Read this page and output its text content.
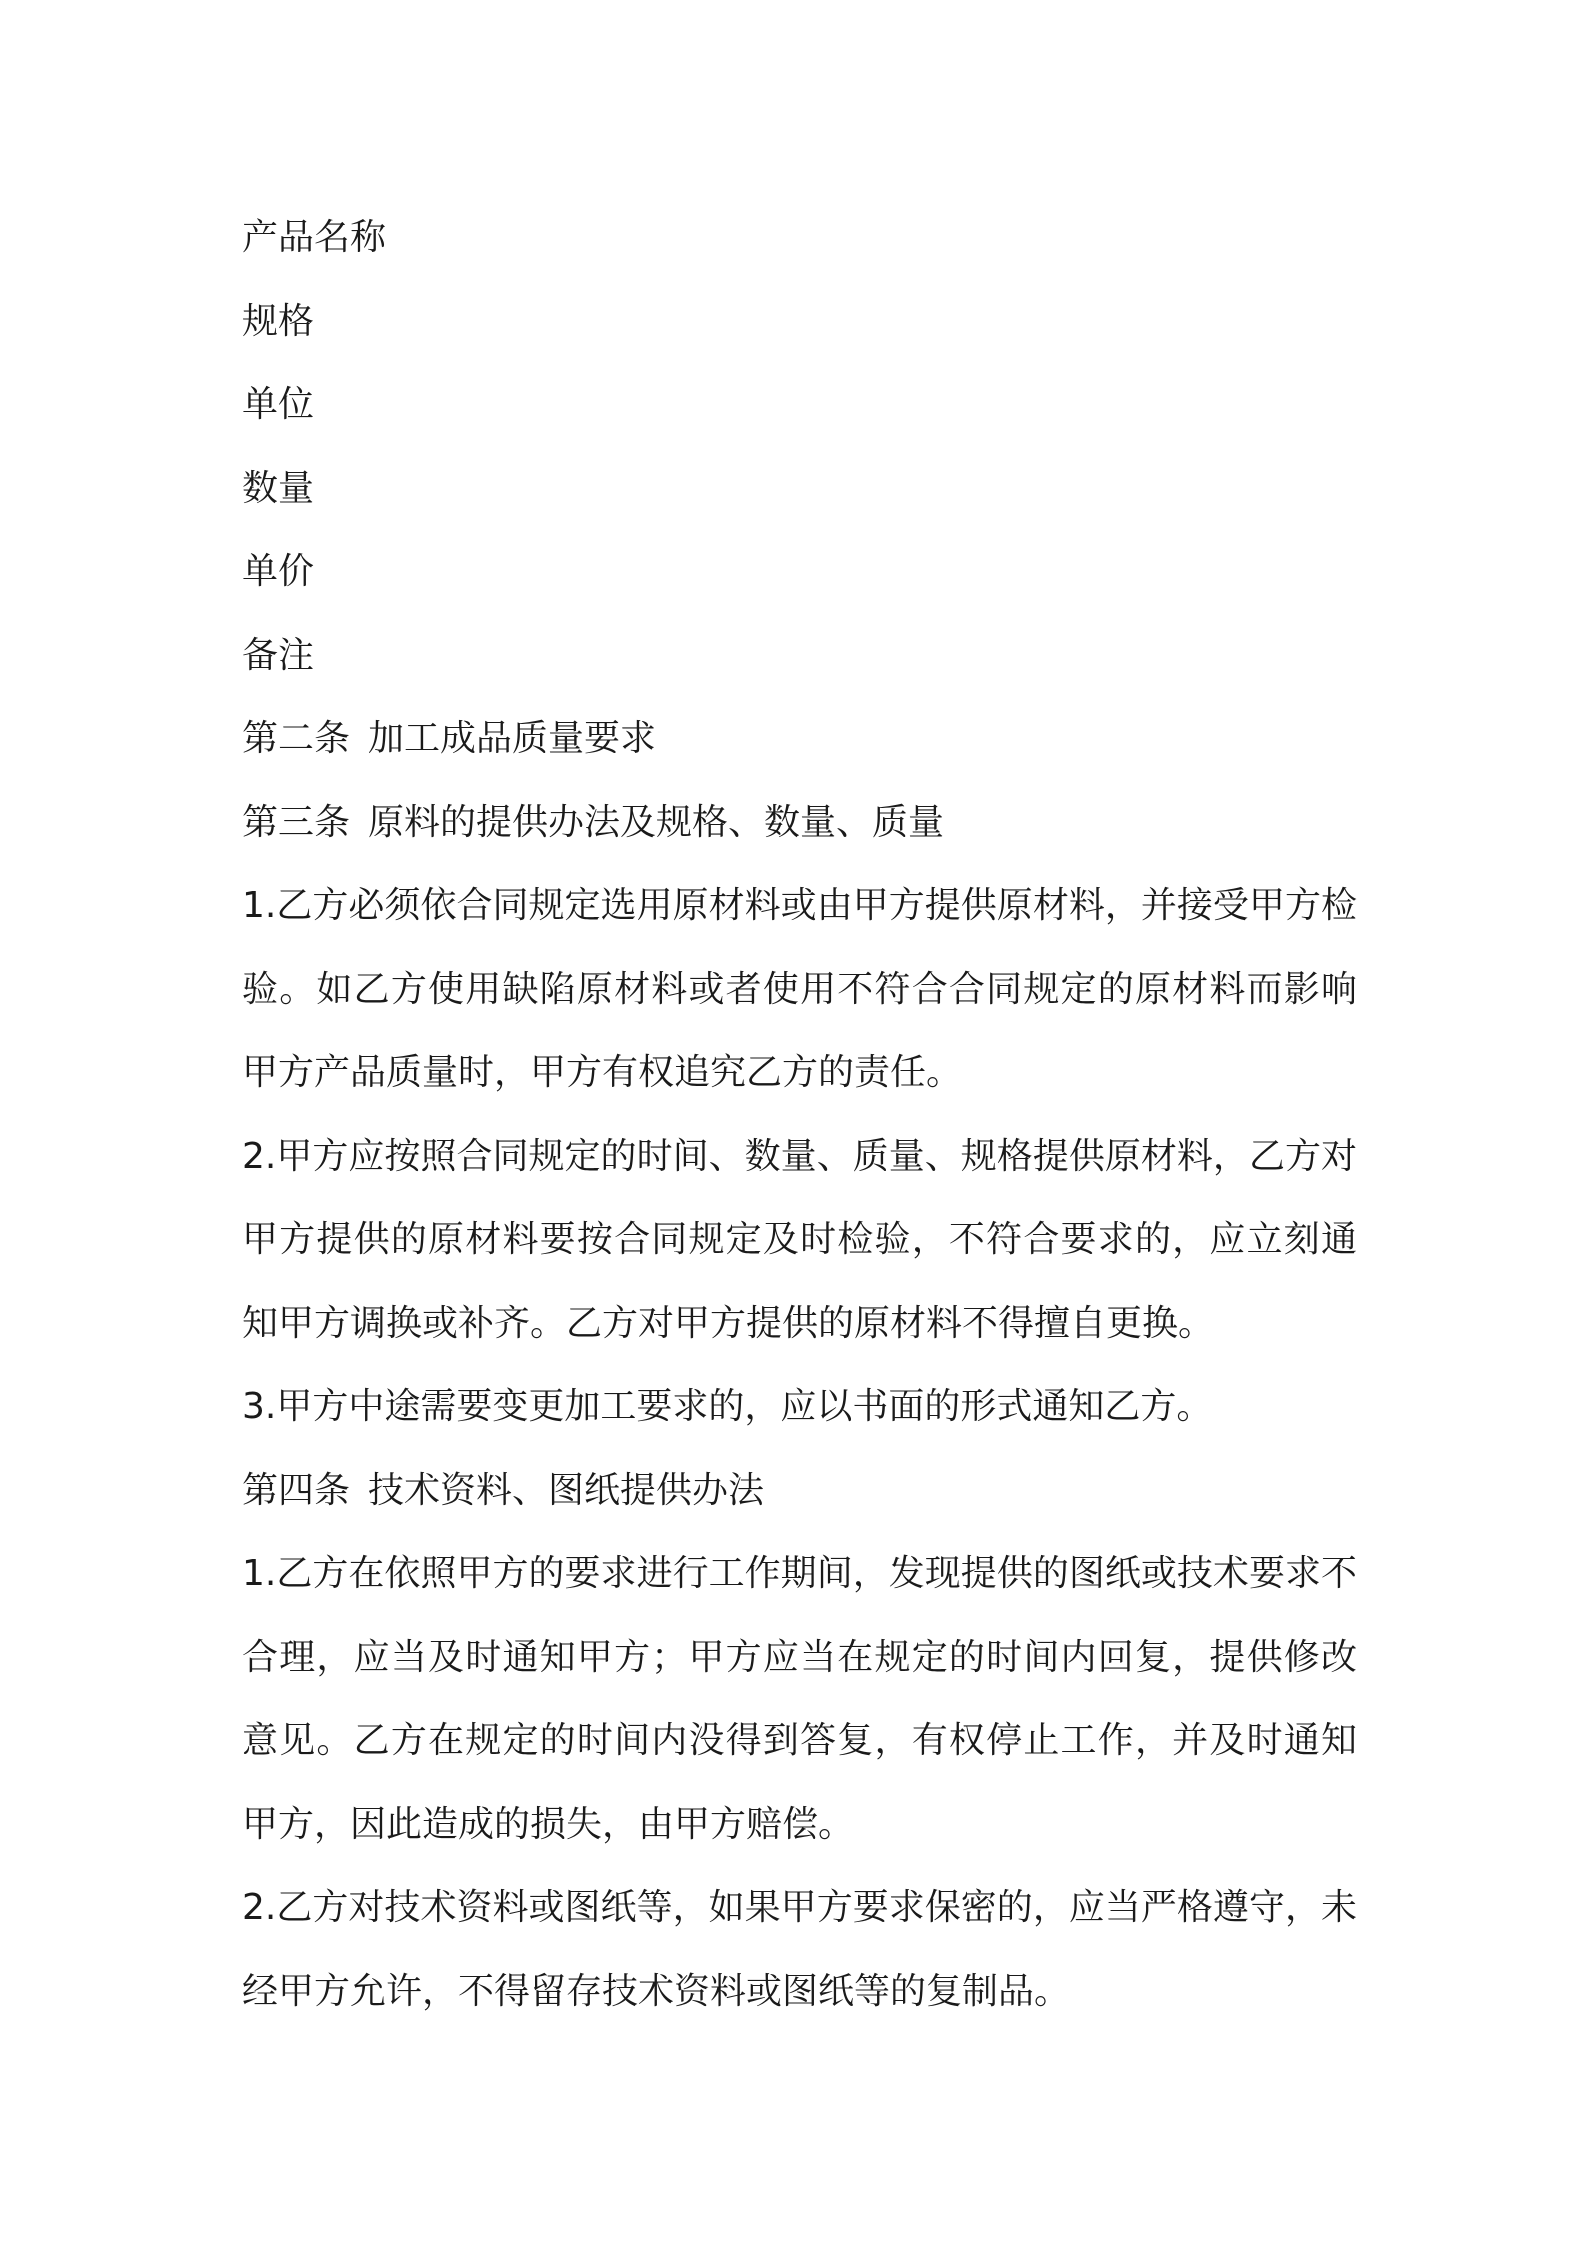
产品名称

规格

单位

数量

单价

备注

第二条 加工成品质量要求

第三条 原料的提供办法及规格、数量、质量

1.乙方必须依合同规定选用原材料或由甲方提供原材料，并接受甲方检验。如乙方使用缺陷原材料或者使用不符合合同规定的原材料而影响甲方产品质量时，甲方有权追究乙方的责任。

2.甲方应按照合同规定的时间、数量、质量、规格提供原材料，乙方对甲方提供的原材料要按合同规定及时检验，不符合要求的，应立刻通知甲方调换或补齐。乙方对甲方提供的原材料不得擅自更换。

3.甲方中途需要变更加工要求的，应以书面的形式通知乙方。

第四条 技术资料、图纸提供办法

1.乙方在依照甲方的要求进行工作期间，发现提供的图纸或技术要求不合理，应当及时通知甲方；甲方应当在规定的时间内回复，提供修改意见。乙方在规定的时间内没得到答复，有权停止工作，并及时通知甲方，因此造成的损失，由甲方赔偿。

2.乙方对技术资料或图纸等，如果甲方要求保密的，应当严格遵守，未经甲方允许，不得留存技术资料或图纸等的复制品。
